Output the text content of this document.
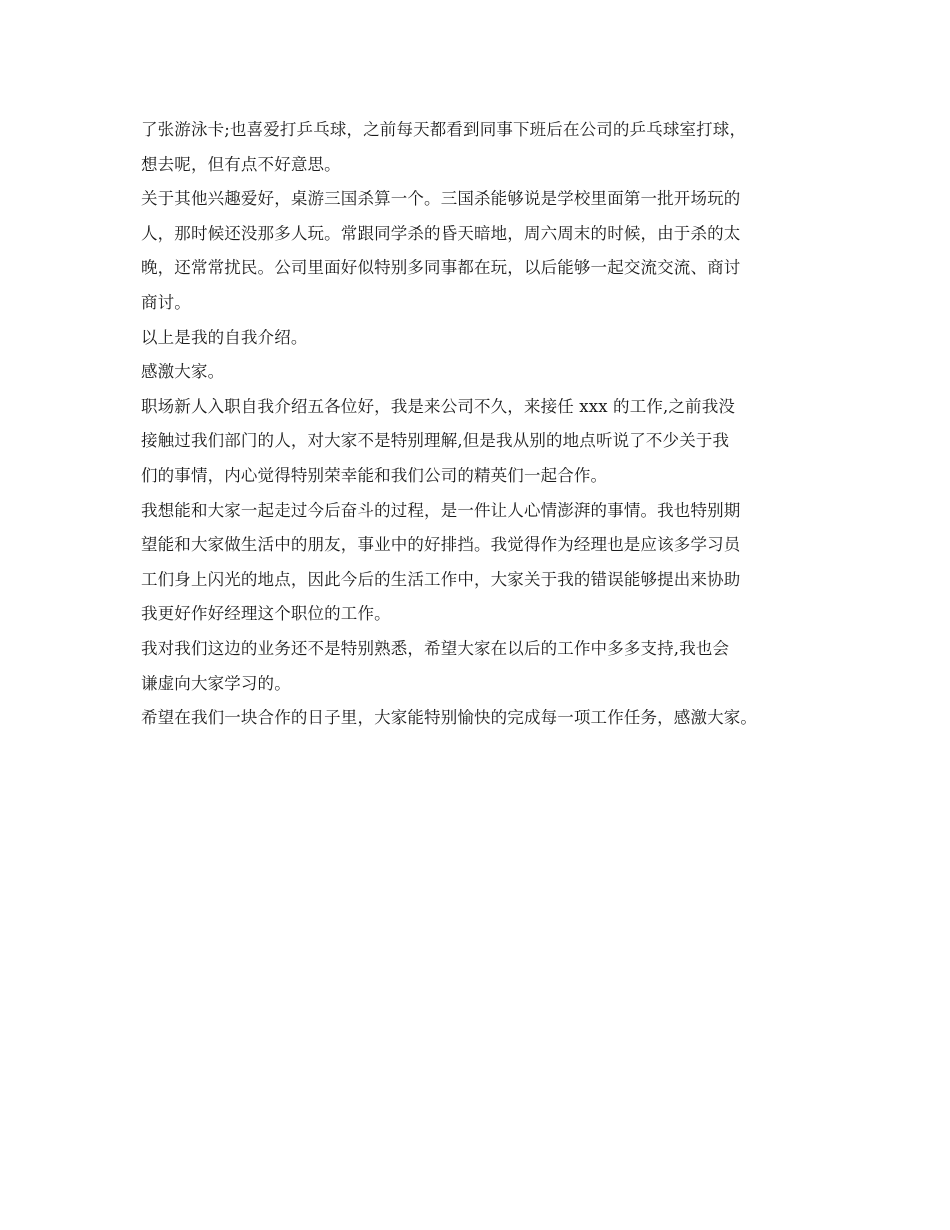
了张游泳卡;也喜爱打乒乓球，之前每天都看到同事下班后在公司的乒乓球室打球，
想去呢，但有点不好意思。
关于其他兴趣爱好，桌游三国杀算一个。三国杀能够说是学校里面第一批开场玩的
人，那时候还没那多人玩。常跟同学杀的昏天暗地，周六周末的时候，由于杀的太
晚，还常常扰民。公司里面好似特别多同事都在玩，以后能够一起交流交流、商讨
商讨。
以上是我的自我介绍。
感激大家。
职场新人入职自我介绍五各位好，我是来公司不久，来接任 xxx 的工作,之前我没
接触过我们部门的人，对大家不是特别理解,但是我从别的地点听说了不少关于我
们的事情，内心觉得特别荣幸能和我们公司的精英们一起合作。
我想能和大家一起走过今后奋斗的过程，是一件让人心情澎湃的事情。我也特别期
望能和大家做生活中的朋友，事业中的好排挡。我觉得作为经理也是应该多学习员
工们身上闪光的地点，因此今后的生活工作中，大家关于我的错误能够提出来协助
我更好作好经理这个职位的工作。
我对我们这边的业务还不是特别熟悉，希望大家在以后的工作中多多支持,我也会
谦虚向大家学习的。
希望在我们一块合作的日子里，大家能特别愉快的完成每一项工作任务，感激大家。
